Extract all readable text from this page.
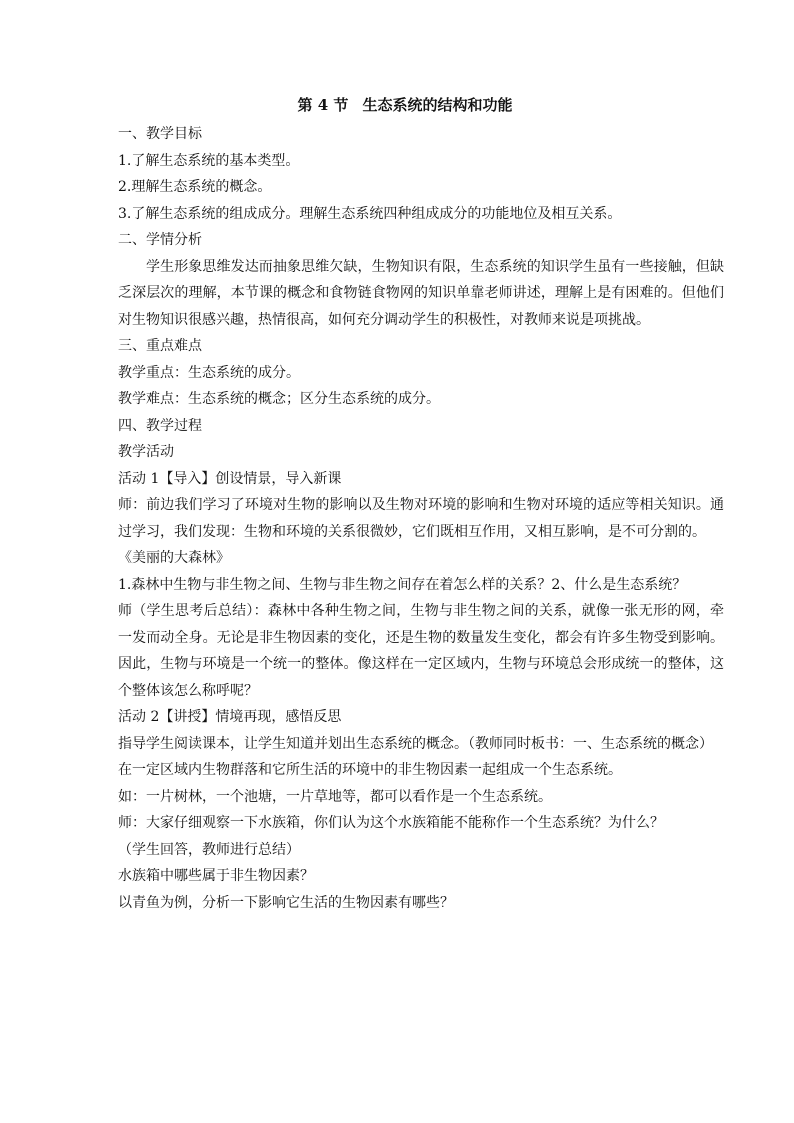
第 4 节 生态系统的结构和功能

一、教学目标

1.了解生态系统的基本类型。

2.理解生态系统的概念。

3.了解生态系统的组成成分。理解生态系统四种组成成分的功能地位及相互关系。

二、学情分析

学生形象思维发达而抽象思维欠缺，生物知识有限，生态系统的知识学生虽有一些接触，但缺乏深层次的理解，本节课的概念和食物链食物网的知识单靠老师讲述，理解上是有困难的。但他们对生物知识很感兴趣，热情很高，如何充分调动学生的积极性，对教师来说是项挑战。

三、重点难点

教学重点：生态系统的成分。

教学难点：生态系统的概念；区分生态系统的成分。

四、教学过程

教学活动

活动 1【导入】创设情景，导入新课

师：前边我们学习了环境对生物的影响以及生物对环境的影响和生物对环境的适应等相关知识。通过学习，我们发现：生物和环境的关系很微妙，它们既相互作用，又相互影响，是不可分割的。

《美丽的大森林》

1.森林中生物与非生物之间、生物与非生物之间存在着怎么样的关系？2、什么是生态系统？

师（学生思考后总结）：森林中各种生物之间，生物与非生物之间的关系，就像一张无形的网，牵一发而动全身。无论是非生物因素的变化，还是生物的数量发生变化，都会有许多生物受到影响。因此，生物与环境是一个统一的整体。像这样在一定区域内，生物与环境总会形成统一的整体，这个整体该怎么称呼呢？

活动 2【讲授】情境再现，感悟反思

指导学生阅读课本，让学生知道并划出生态系统的概念。（教师同时板书：一、生态系统的概念）

在一定区域内生物群落和它所生活的环境中的非生物因素一起组成一个生态系统。

如：一片树林，一个池塘，一片草地等，都可以看作是一个生态系统。

师：大家仔细观察一下水族箱，你们认为这个水族箱能不能称作一个生态系统？为什么？

（学生回答，教师进行总结）

水族箱中哪些属于非生物因素？

以青鱼为例，分析一下影响它生活的生物因素有哪些？
